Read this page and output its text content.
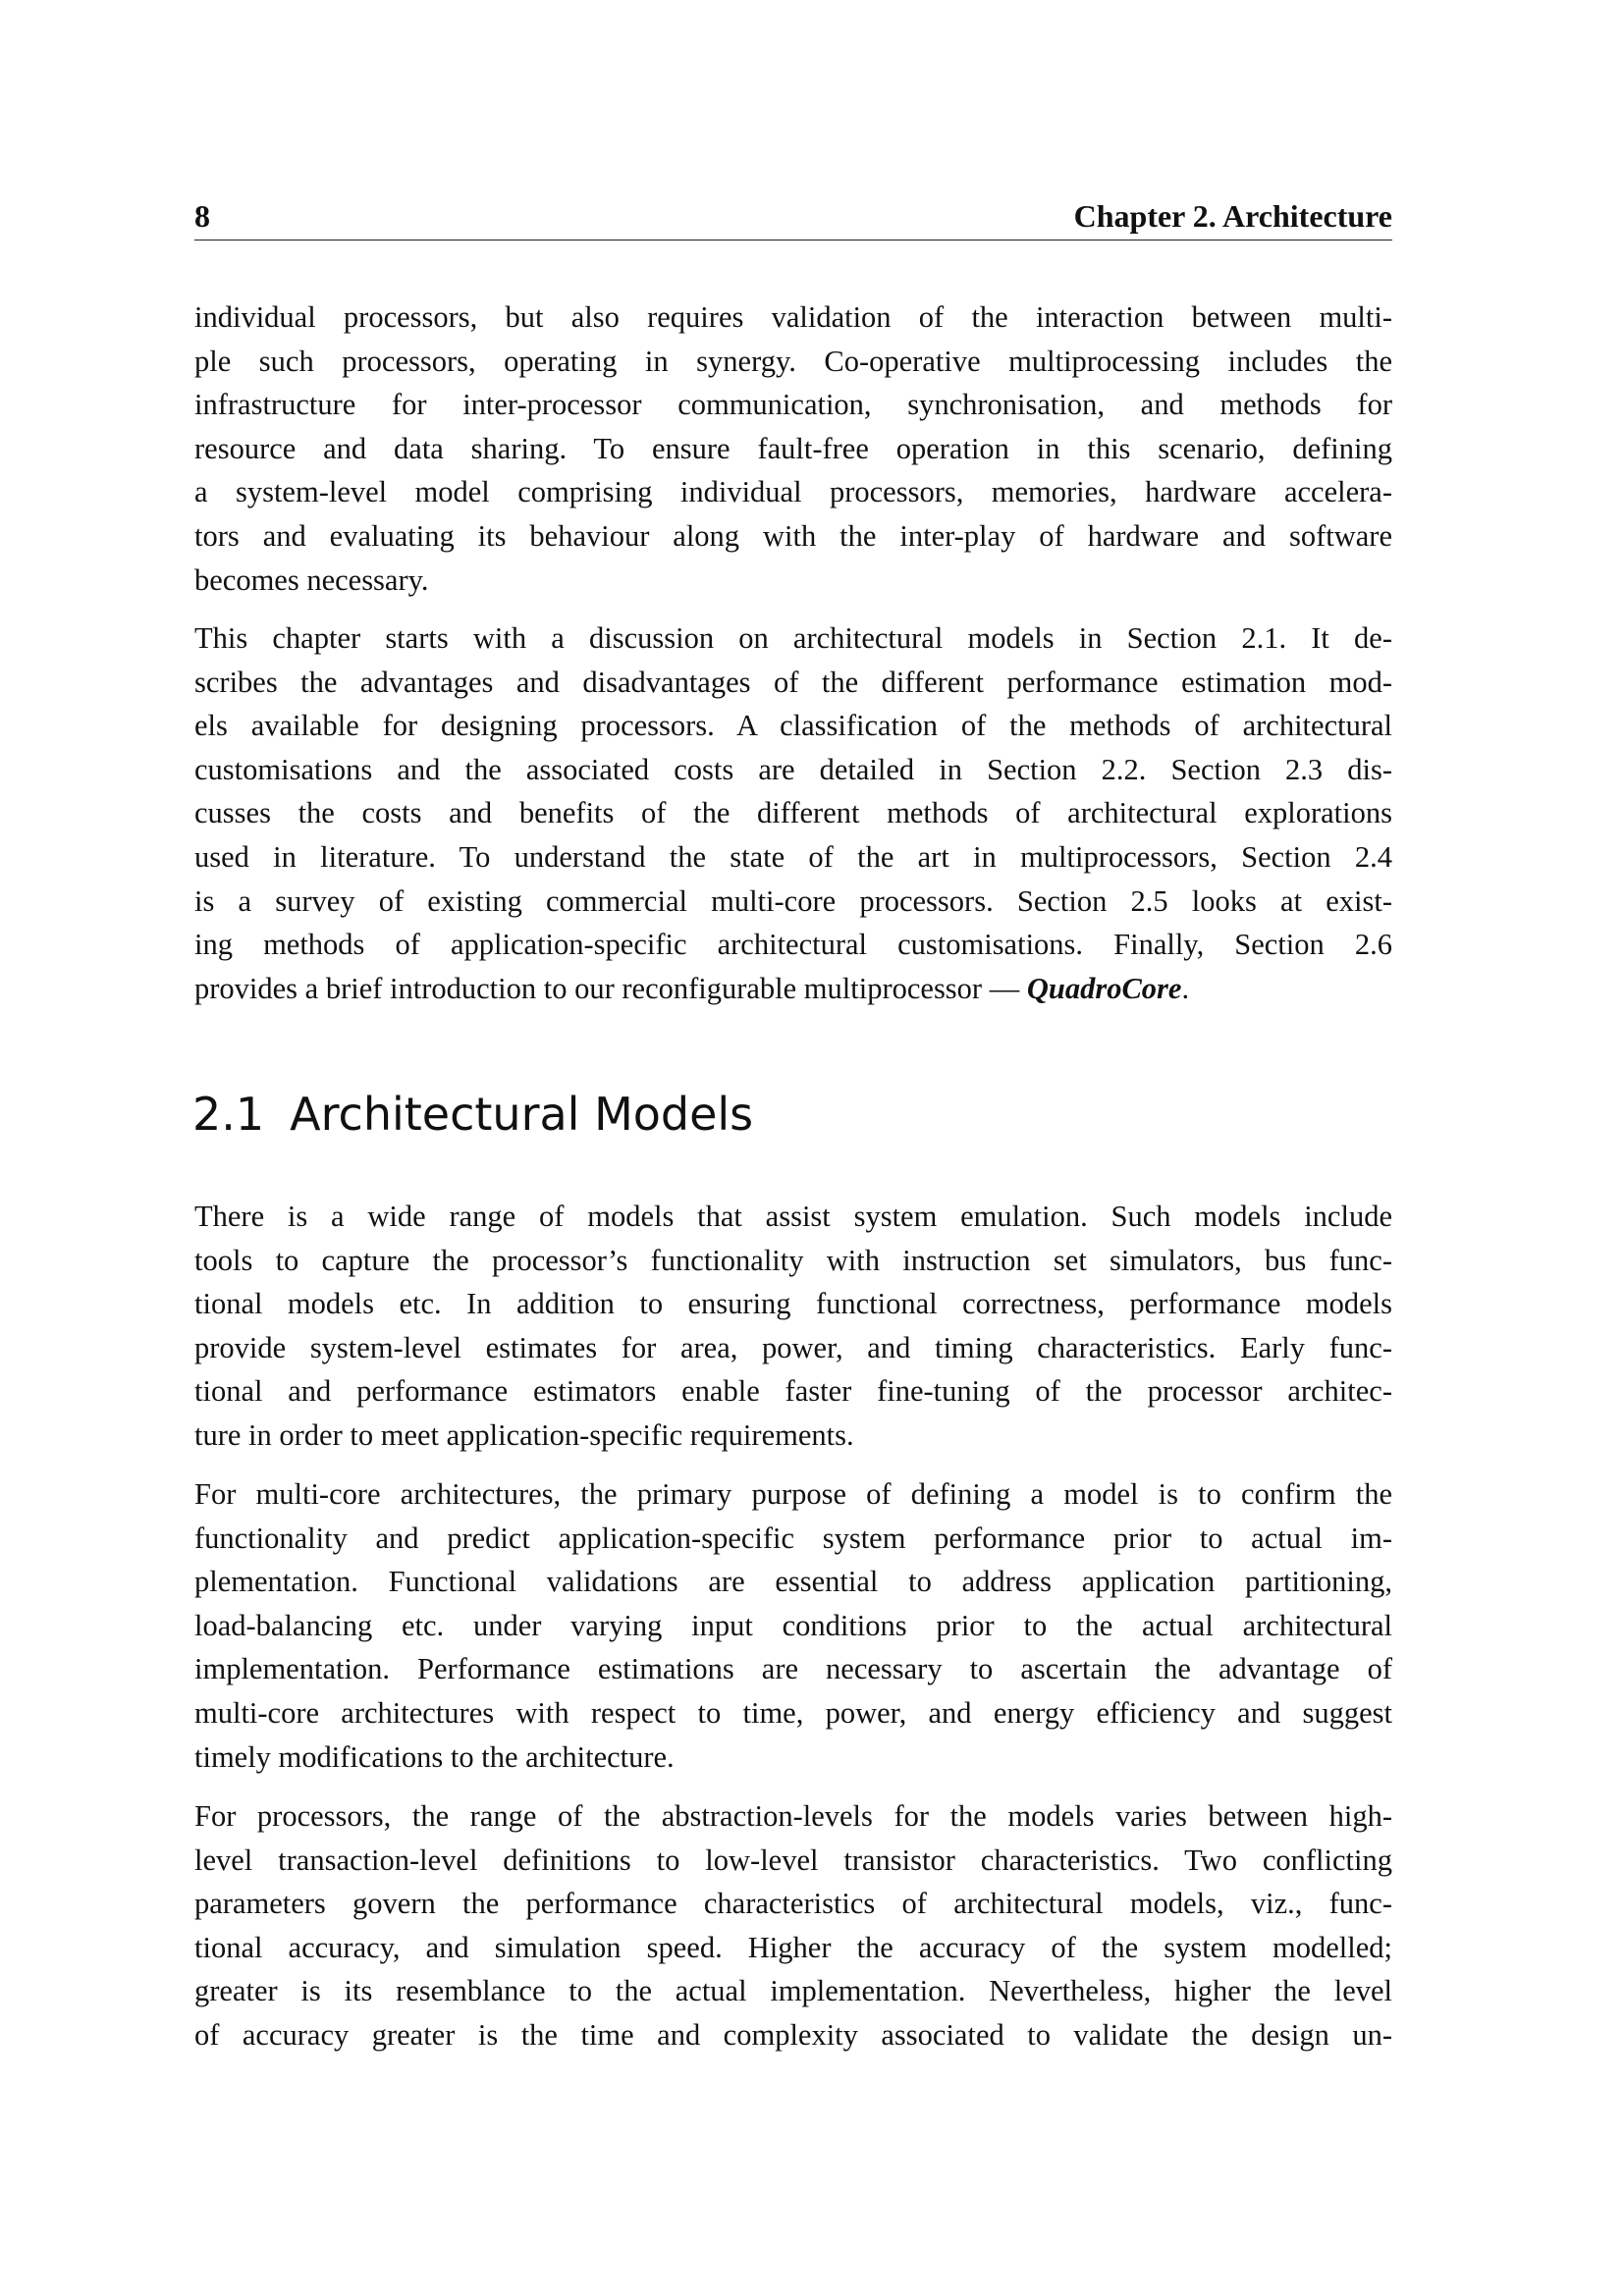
8	Chapter 2. Architecture
individual processors, but also requires validation of the interaction between multi-
ple such processors, operating in synergy. Co-operative multiprocessing includes the
infrastructure for inter-processor communication, synchronisation, and methods for
resource and data sharing. To ensure fault-free operation in this scenario, defining
a system-level model comprising individual processors, memories, hardware accelera-
tors and evaluating its behaviour along with the inter-play of hardware and software
becomes necessary.
This chapter starts with a discussion on architectural models in Section 2.1. It de-
scribes the advantages and disadvantages of the different performance estimation mod-
els available for designing processors. A classification of the methods of architectural
customisations and the associated costs are detailed in Section 2.2. Section 2.3 dis-
cusses the costs and benefits of the different methods of architectural explorations
used in literature. To understand the state of the art in multiprocessors, Section 2.4
is a survey of existing commercial multi-core processors. Section 2.5 looks at exist-
ing methods of application-specific architectural customisations. Finally, Section 2.6
provides a brief introduction to our reconfigurable multiprocessor — QuadroCore.
2.1 Architectural Models
There is a wide range of models that assist system emulation. Such models include
tools to capture the processor’s functionality with instruction set simulators, bus func-
tional models etc. In addition to ensuring functional correctness, performance models
provide system-level estimates for area, power, and timing characteristics. Early func-
tional and performance estimators enable faster fine-tuning of the processor architec-
ture in order to meet application-specific requirements.
For multi-core architectures, the primary purpose of defining a model is to confirm the
functionality and predict application-specific system performance prior to actual im-
plementation. Functional validations are essential to address application partitioning,
load-balancing etc. under varying input conditions prior to the actual architectural
implementation. Performance estimations are necessary to ascertain the advantage of
multi-core architectures with respect to time, power, and energy efficiency and suggest
timely modifications to the architecture.
For processors, the range of the abstraction-levels for the models varies between high-
level transaction-level definitions to low-level transistor characteristics. Two conflicting
parameters govern the performance characteristics of architectural models, viz., func-
tional accuracy, and simulation speed. Higher the accuracy of the system modelled;
greater is its resemblance to the actual implementation. Nevertheless, higher the level
of accuracy greater is the time and complexity associated to validate the design un-
